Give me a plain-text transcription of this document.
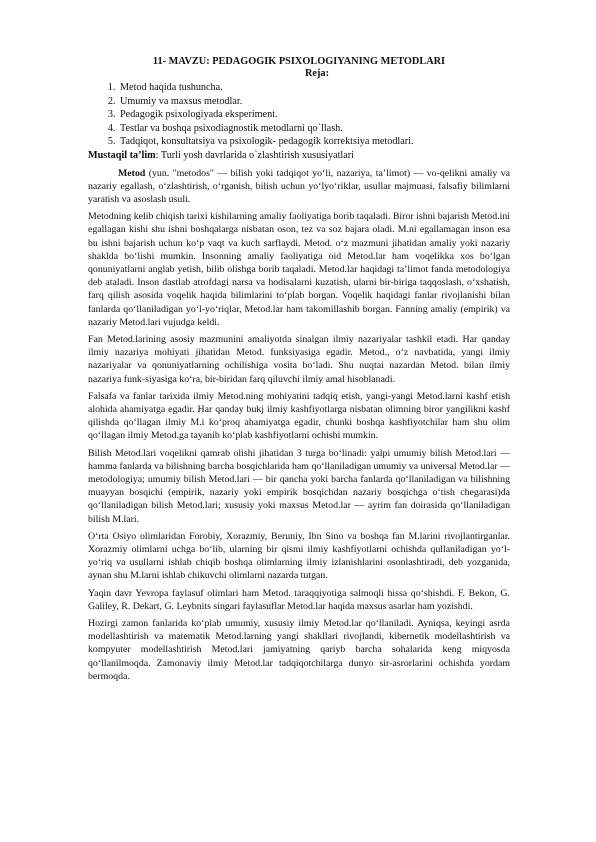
11- MAVZU: PEDAGOGIK PSIXOLOGIYANING METODLARI

Reja:

1. Metod haqida tushuncha.
2. Umumiy va maxsus metodlar.
3. Pedagogik psixologiyada eksperiment.
4. Testlar va boshqa psixodiagnostik metodlarni qo`llash.
5. Tadqiqot, konsultatsiya va psixologik- pedagogik korrektsiya metodlari.

Mustaqil ta’lim: Turli yosh davrlarida o`zlashtirish xususiyatlari

Metod (yun. "metodos" — bilish yoki tadqiqot yo‘li, nazariya, ta’limot) — vo-qelikni amaliy va nazariy egallash, o‘zlashtirish, o‘rganish, bilish uchun yo‘lyo‘riklar, usullar majmuasi, falsafiy bilimlarni yaratish va asoslash usuli.

Metodning kelib chiqish tarixi kishilarning amaliy faoliyatiga borib taqaladi. Biror ishni bajarish Metod.ini egallagan kishi shu ishni boshqalarga nisbatan oson, tez va soz bajara oladi. M.ni egallamagan inson esa bu ishni bajarish uchun ko‘p vaqt va kuch sarflaydi. Metod. o‘z mazmuni jihatidan amaliy yoki nazariy shaklda bo‘lishi mumkin. Insonning amaliy faoliyatiga oid Metod.lar ham voqelikka xos bo‘lgan qonuniyatlarni anglab yetish, bilib olishga borib taqaladi. Metod.lar haqidagi ta’limot fanda metodologiya deb ataladi. Inson dastlab atrofdagi narsa va hodisalarni kuzatish, ularni bir-biriga taqqoslash, o‘xshatish, farq qilish asosida voqelik haqida bilimlarini to‘plab borgan. Voqelik haqidagi fanlar rivojlanishi bilan fanlarda qo‘llaniladigan yo‘l-yo‘riqlar, Metod.lar ham takomillashib borgan. Fanning amaliy (empirik) va nazariy Metod.lari vujudga keldi.

Fan Metod.larining asosiy mazmunini amaliyotda sinalgan ilmiy nazariyalar tashkil etadi. Har qanday ilmiy nazariya mohiyati jihatidan Metod. funksiyasiga egadir. Metod., o‘z navbatida, yangi ilmiy nazariyalar va qonuniyatlarning ochilishiga vosita bo‘ladi. Shu nuqtai nazardan Metod. bilan ilmiy nazariya funk-siyasiga ko‘ra, bir-biridan farq qiluvchi ilmiy amal hisoblanadi.

Falsafa va fanlar tarixida ilmiy Metod.ning mohiyatini tadqiq etish, yangi-yangi Metod.larni kashf etish alohida ahamiyatga egadir. Har qanday bukj ilmiy kashfiyotlarga nisbatan olimning biror yangilikni kashf qilishda qo‘llagan ilmiy M.i ko‘proq ahamiyatga egadir, chunki boshqa kashfiyotchilar ham shu olim qo‘llagan ilmiy Metod.ga tayanib ko‘plab kashfiyotlarni ochishi mumkin.

Bilish Metod.lari voqelikni qamrab olishi jihatidan 3 turga bo‘linadi: yalpi umumiy bilish Metod.lari — hamma fanlarda va bilishning barcha bosqichlarida ham qo‘llaniladigan umumiy va universal Metod.lar — metodologiya; umumiy bilish Metod.lari — bir qancha yoki barcha fanlarda qo‘llaniladigan va bilishning muayyan bosqichi (empirik, nazariy yoki empirik bosqichdan nazariy bosqichga o‘tish chegarasi)da qo‘llaniladigan bilish Metod.lari; xususiy yoki maxsus Metod.lar — ayrim fan doirasida qo‘llaniladigan bilish M.lari.

O‘rta Osiyo olimlaridan Forobiy, Xorazmiy, Beruniy, Ibn Sino va boshqa fan M.larini rivojlantirganlar. Xorazmiy olimlarni uchga bo‘lib, ularning bir qismi ilmiy kashfiyotlarni ochishda qullaniladigan yo‘l-yo‘riq va usullarni ishlab chiqib boshqa olimlarning ilmiy izlanishlarini osonlashtiradi, deb yozganida, aynan shu M.larni ishlab chikuvchi olimlarni nazarda tutgan.

Yaqin davr Yevropa faylasuf olimlari ham Metod. taraqqiyotiga salmoqli hissa qo‘shishdi. F. Bekon, G. Galiley, R. Dekart, G. Leybnits singari faylasuflar Metod.lar haqida maxsus asarlar ham yozishdi.

Hozirgi zamon fanlarida ko‘plab umumiy, xususiy ilmiy Metod.lar qo‘llaniladi. Ayniqsa, keyingi asrda modellashtirish va matematik Metod.larning yangi shakllari rivojlandi, kibernetik modellashtirish va kompyuter modellashtirish Metod.lari jamiyatning qariyb barcha sohalarida keng miqyosda qo‘llanilmoqda. Zamonaviy ilmiy Metod.lar tadqiqotchilarga dunyo sir-asrorlarini ochishda yordam bermoqda.
